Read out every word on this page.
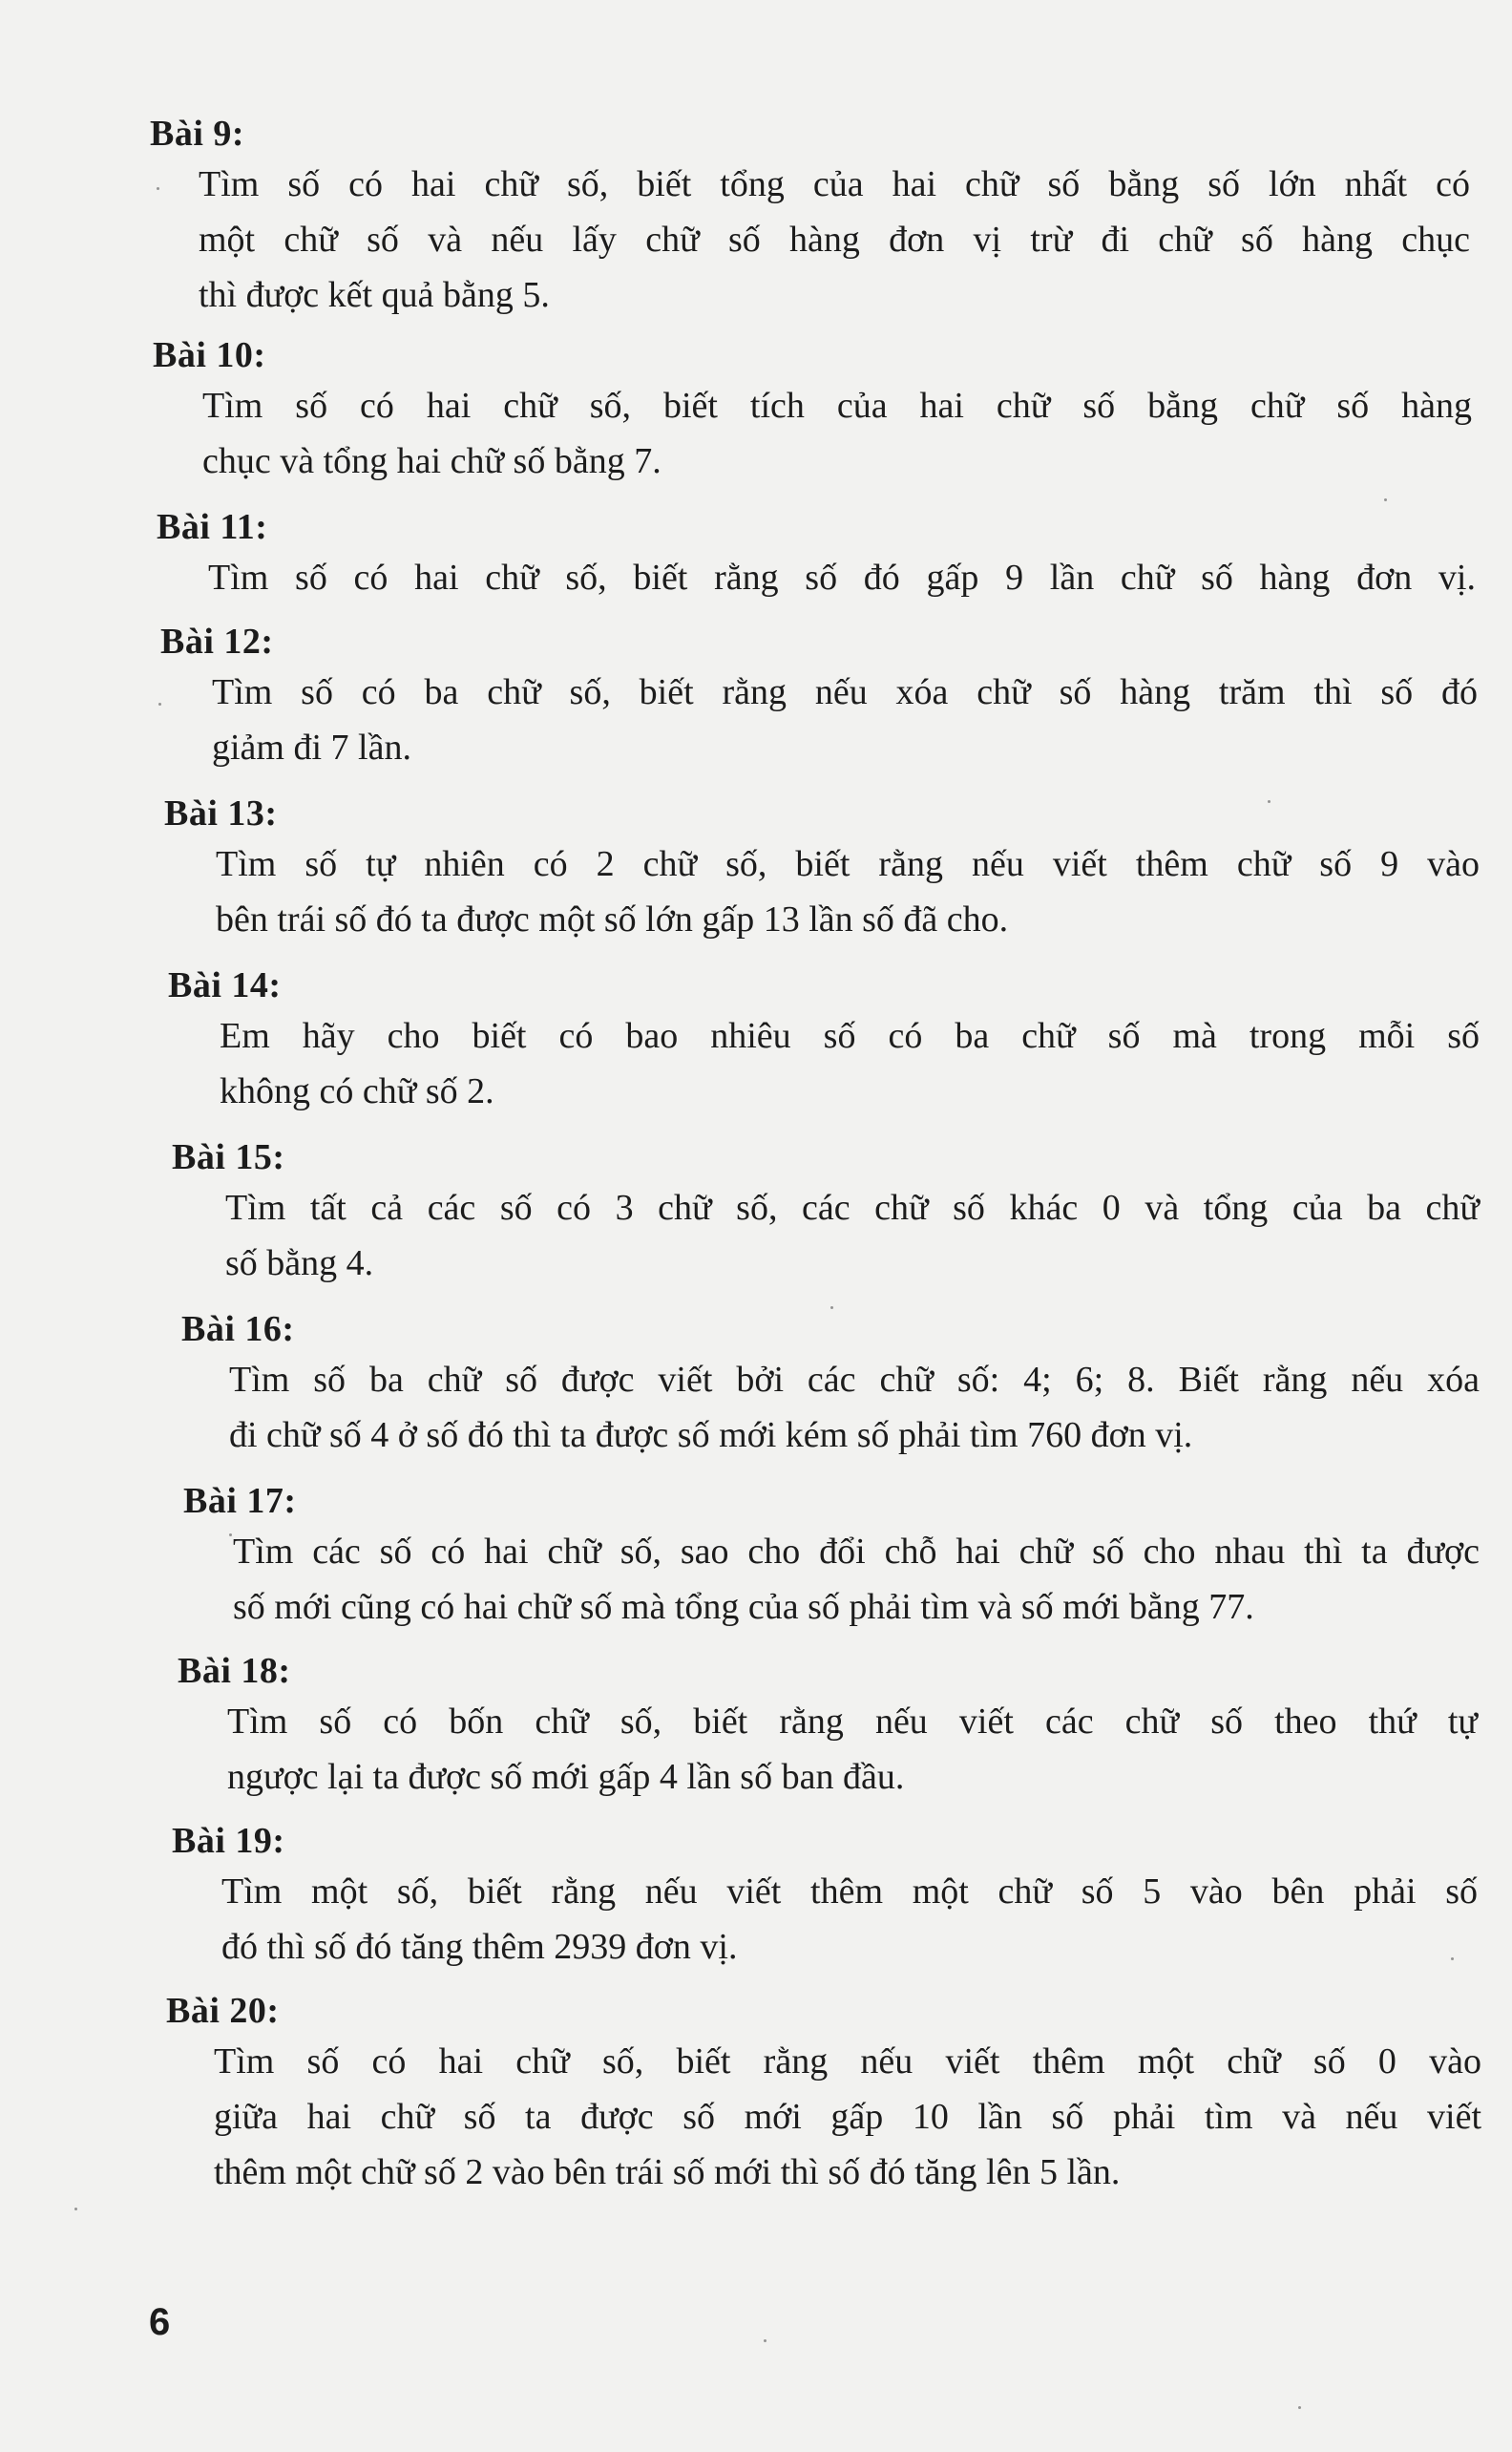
Bài 9:
Tìm số có hai chữ số, biết tổng của hai chữ số bằng số lớn nhất có
một chữ số và nếu lấy chữ số hàng đơn vị trừ đi chữ số hàng chục
thì được kết quả bằng 5.
Bài 10:
Tìm số có hai chữ số, biết tích của hai chữ số bằng chữ số hàng
chục và tổng hai chữ số bằng 7.
Bài 11:
Tìm số có hai chữ số, biết rằng số đó gấp 9 lần chữ số hàng đơn vị.
Bài 12:
Tìm số có ba chữ số, biết rằng nếu xóa chữ số hàng trăm thì số đó
giảm đi 7 lần.
Bài 13:
Tìm số tự nhiên có 2 chữ số, biết rằng nếu viết thêm chữ số 9 vào
bên trái số đó ta được một số lớn gấp 13 lần số đã cho.
Bài 14:
Em hãy cho biết có bao nhiêu số có ba chữ số mà trong mỗi số
không có chữ số 2.
Bài 15:
Tìm tất cả các số có 3 chữ số, các chữ số khác 0 và tổng của ba chữ
số bằng 4.
Bài 16:
Tìm số ba chữ số được viết bởi các chữ số: 4; 6; 8. Biết rằng nếu xóa
đi chữ số 4 ở số đó thì ta được số mới kém số phải tìm 760 đơn vị.
Bài 17:
Tìm các số có hai chữ số, sao cho đổi chỗ hai chữ số cho nhau thì ta được
số mới cũng có hai chữ số mà tổng của số phải tìm và số mới bằng 77.
Bài 18:
Tìm số có bốn chữ số, biết rằng nếu viết các chữ số theo thứ tự
ngược lại ta được số mới gấp 4 lần số ban đầu.
Bài 19:
Tìm một số, biết rằng nếu viết thêm một chữ số 5 vào bên phải số
đó thì số đó tăng thêm 2939 đơn vị.
Bài 20:
Tìm số có hai chữ số, biết rằng nếu viết thêm một chữ số 0 vào
giữa hai chữ số ta được số mới gấp 10 lần số phải tìm và nếu viết
thêm một chữ số 2 vào bên trái số mới thì số đó tăng lên 5 lần.
6
